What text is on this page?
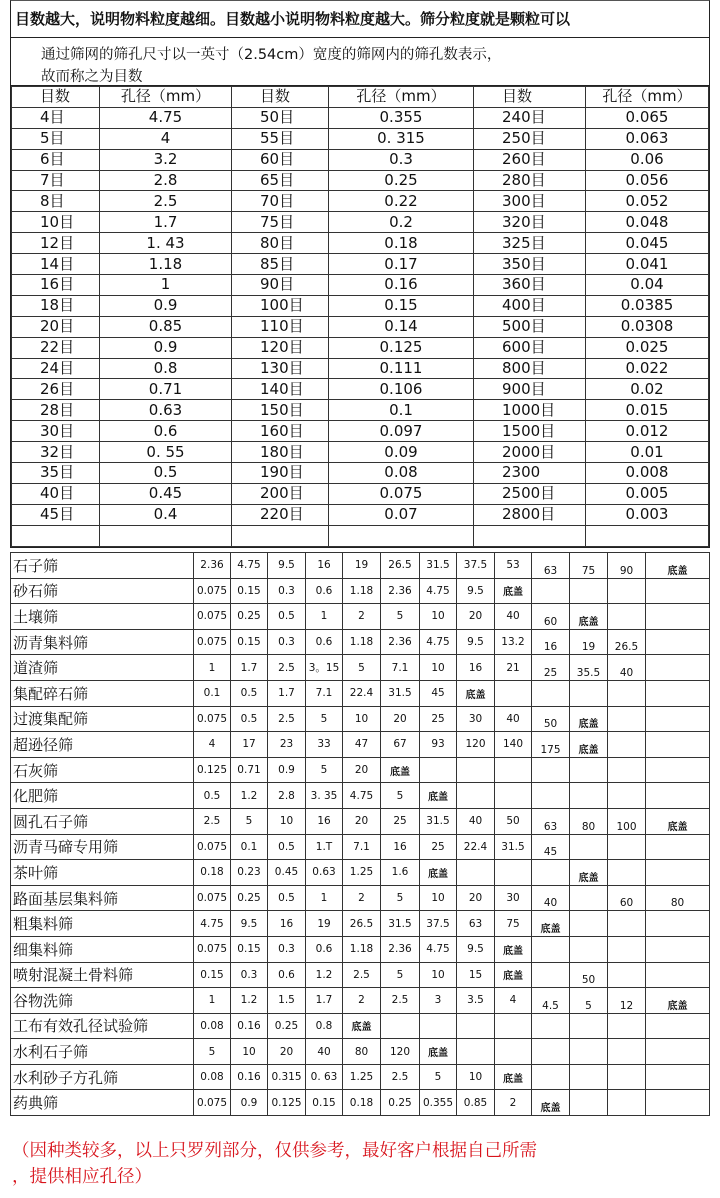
目数越大，说明物料粒度越细。目数越小说明物料粒度越大。筛分粒度就是颗粒可以
通过筛网的筛孔尺寸以一英寸（2.54cm）宽度的筛网内的筛孔数表示，
故而称之为目数
目数	孔径（mm）	目数	孔径（mm）	目数	孔径（mm）
4目	4.75	50目	0.355	240目	0.065
5目	4	55目	0. 315	250目	0.063
6目	3.2	60目	0.3	260目	0.06
7目	2.8	65目	0.25	280目	0.056
8目	2.5	70目	0.22	300目	0.052
10目	1.7	75目	0.2	320目	0.048
12目	1. 43	80目	0.18	325目	0.045
14目	1.18	85目	0.17	350目	0.041
16目	1	90目	0.16	360目	0.04
18目	0.9	100目	0.15	400目	0.0385
20目	0.85	110目	0.14	500目	0.0308
22目	0.9	120目	0.125	600目	0.025
24目	0.8	130目	0.111	800目	0.022
26目	0.71	140目	0.106	900目	0.02
28目	0.63	150目	0.1	1000目	0.015
30目	0.6	160目	0.097	1500目	0.012
32目	0. 55	180目	0.09	2000目	0.01
35目	0.5	190目	0.08	2300	0.008
40目	0.45	200目	0.075	2500目	0.005
45目	0.4	220目	0.07	2800目	0.003

石子筛	2.36	4.75	9.5	16	19	26.5	31.5	37.5	53	63	75	90	底盖
砂石筛	0.075	0.15	0.3	0.6	1.18	2.36	4.75	9.5	底盖				
土壤筛	0.075	0.25	0.5	1	2	5	10	20	40	60	底盖		
沥青集料筛	0.075	0.15	0.3	0.6	1.18	2.36	4.75	9.5	13.2	16	19	26.5	
道渣筛	1	1.7	2.5	3。15	5	7.1	10	16	21	25	35.5	40	
集配碎石筛	0.1	0.5	1.7	7.1	22.4	31.5	45	底盖					
过渡集配筛	0.075	0.5	2.5	5	10	20	25	30	40	50	底盖		
超逊径筛	4	17	23	33	47	67	93	120	140	175	底盖		
石灰筛	0.125	0.71	0.9	5	20	底盖							
化肥筛	0.5	1.2	2.8	3. 35	4.75	5	底盖						
圆孔石子筛	2.5	5	10	16	20	25	31.5	40	50	63	80	100	底盖
沥青马碲专用筛	0.075	0.1	0.5	1.T	7.1	16	25	22.4	31.5	45			
茶叶筛	0.18	0.23	0.45	0.63	1.25	1.6	底盖				底盖		
路面基层集料筛	0.075	0.25	0.5	1	2	5	10	20	30	40		60	80
粗集料筛	4.75	9.5	16	19	26.5	31.5	37.5	63	75	底盖			
细集料筛	0.075	0.15	0.3	0.6	1.18	2.36	4.75	9.5	底盖				
喷射混凝土骨料筛	0.15	0.3	0.6	1.2	2.5	5	10	15	底盖		50		
谷物洗筛	1	1.2	1.5	1.7	2	2.5	3	3.5	4	4.5	5	12	底盖
工布有效孔径试验筛	0.08	0.16	0.25	0.8	底盖								
水利石子筛	5	10	20	40	80	120	底盖						
水利砂子方孔筛	0.08	0.16	0.315	0. 63	1.25	2.5	5	10	底盖				
药典筛	0.075	0.9	0.125	0.15	0.18	0.25	0.355	0.85	2	底盖			
（因种类较多，以上只罗列部分，仅供参考，最好客户根据自己所需
，提供相应孔径）
